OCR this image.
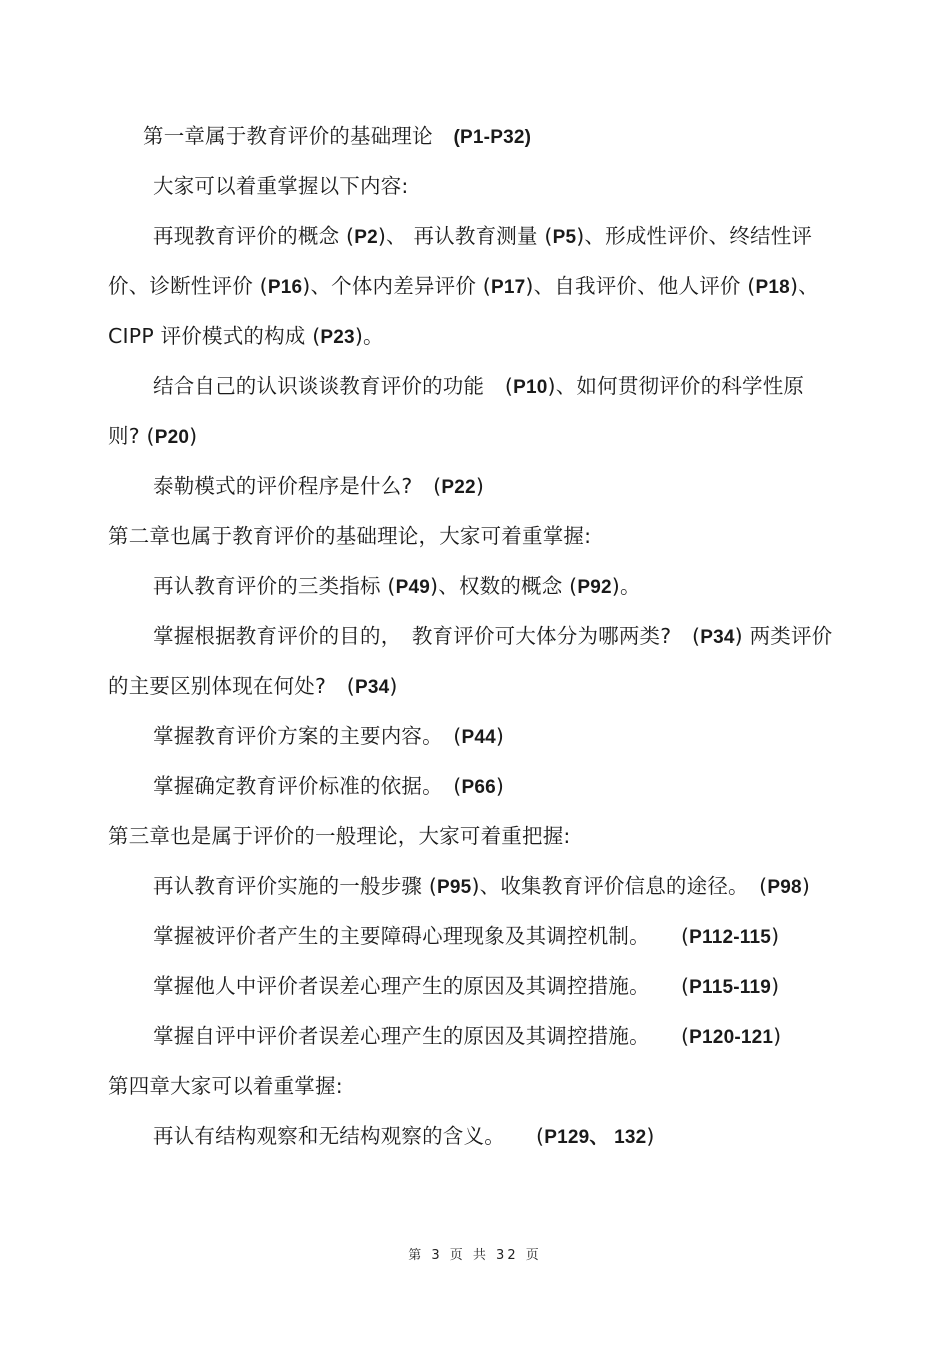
第一章属于教育评价的基础理论　(P1-P32)
大家可以着重掌握以下内容:
再现教育评价的概念 (P2)、 再认教育测量 (P5)、形成性评价、终结性评
价、诊断性评价 (P16)、个体内差异评价 (P17)、自我评价、他人评价 (P18)、
CIPP 评价模式的构成 (P23)。
结合自己的认识谈谈教育评价的功能　(P10)、如何贯彻评价的科学性原
则? (P20)
泰勒模式的评价程序是什么?　(P22)
第二章也属于教育评价的基础理论，大家可着重掌握:
再认教育评价的三类指标 (P49)、权数的概念 (P92)。
掌握根据教育评价的目的，　教育评价可大体分为哪两类?　(P34) 两类评价
的主要区别体现在何处?　(P34)
掌握教育评价方案的主要内容。　(P44)
掌握确定教育评价标准的依据。　(P66)
第三章也是属于评价的一般理论，大家可着重把握:
再认教育评价实施的一般步骤 (P95)、收集教育评价信息的途径。　(P98)
掌握被评价者产生的主要障碍心理现象及其调控机制。　　(P112-115)
掌握他人中评价者误差心理产生的原因及其调控措施。　　(P115-119)
掌握自评中评价者误差心理产生的原因及其调控措施。　　(P120-121)
第四章大家可以着重掌握:
再认有结构观察和无结构观察的含义。　　(P129、 132)
第 3 页 共 32 页
